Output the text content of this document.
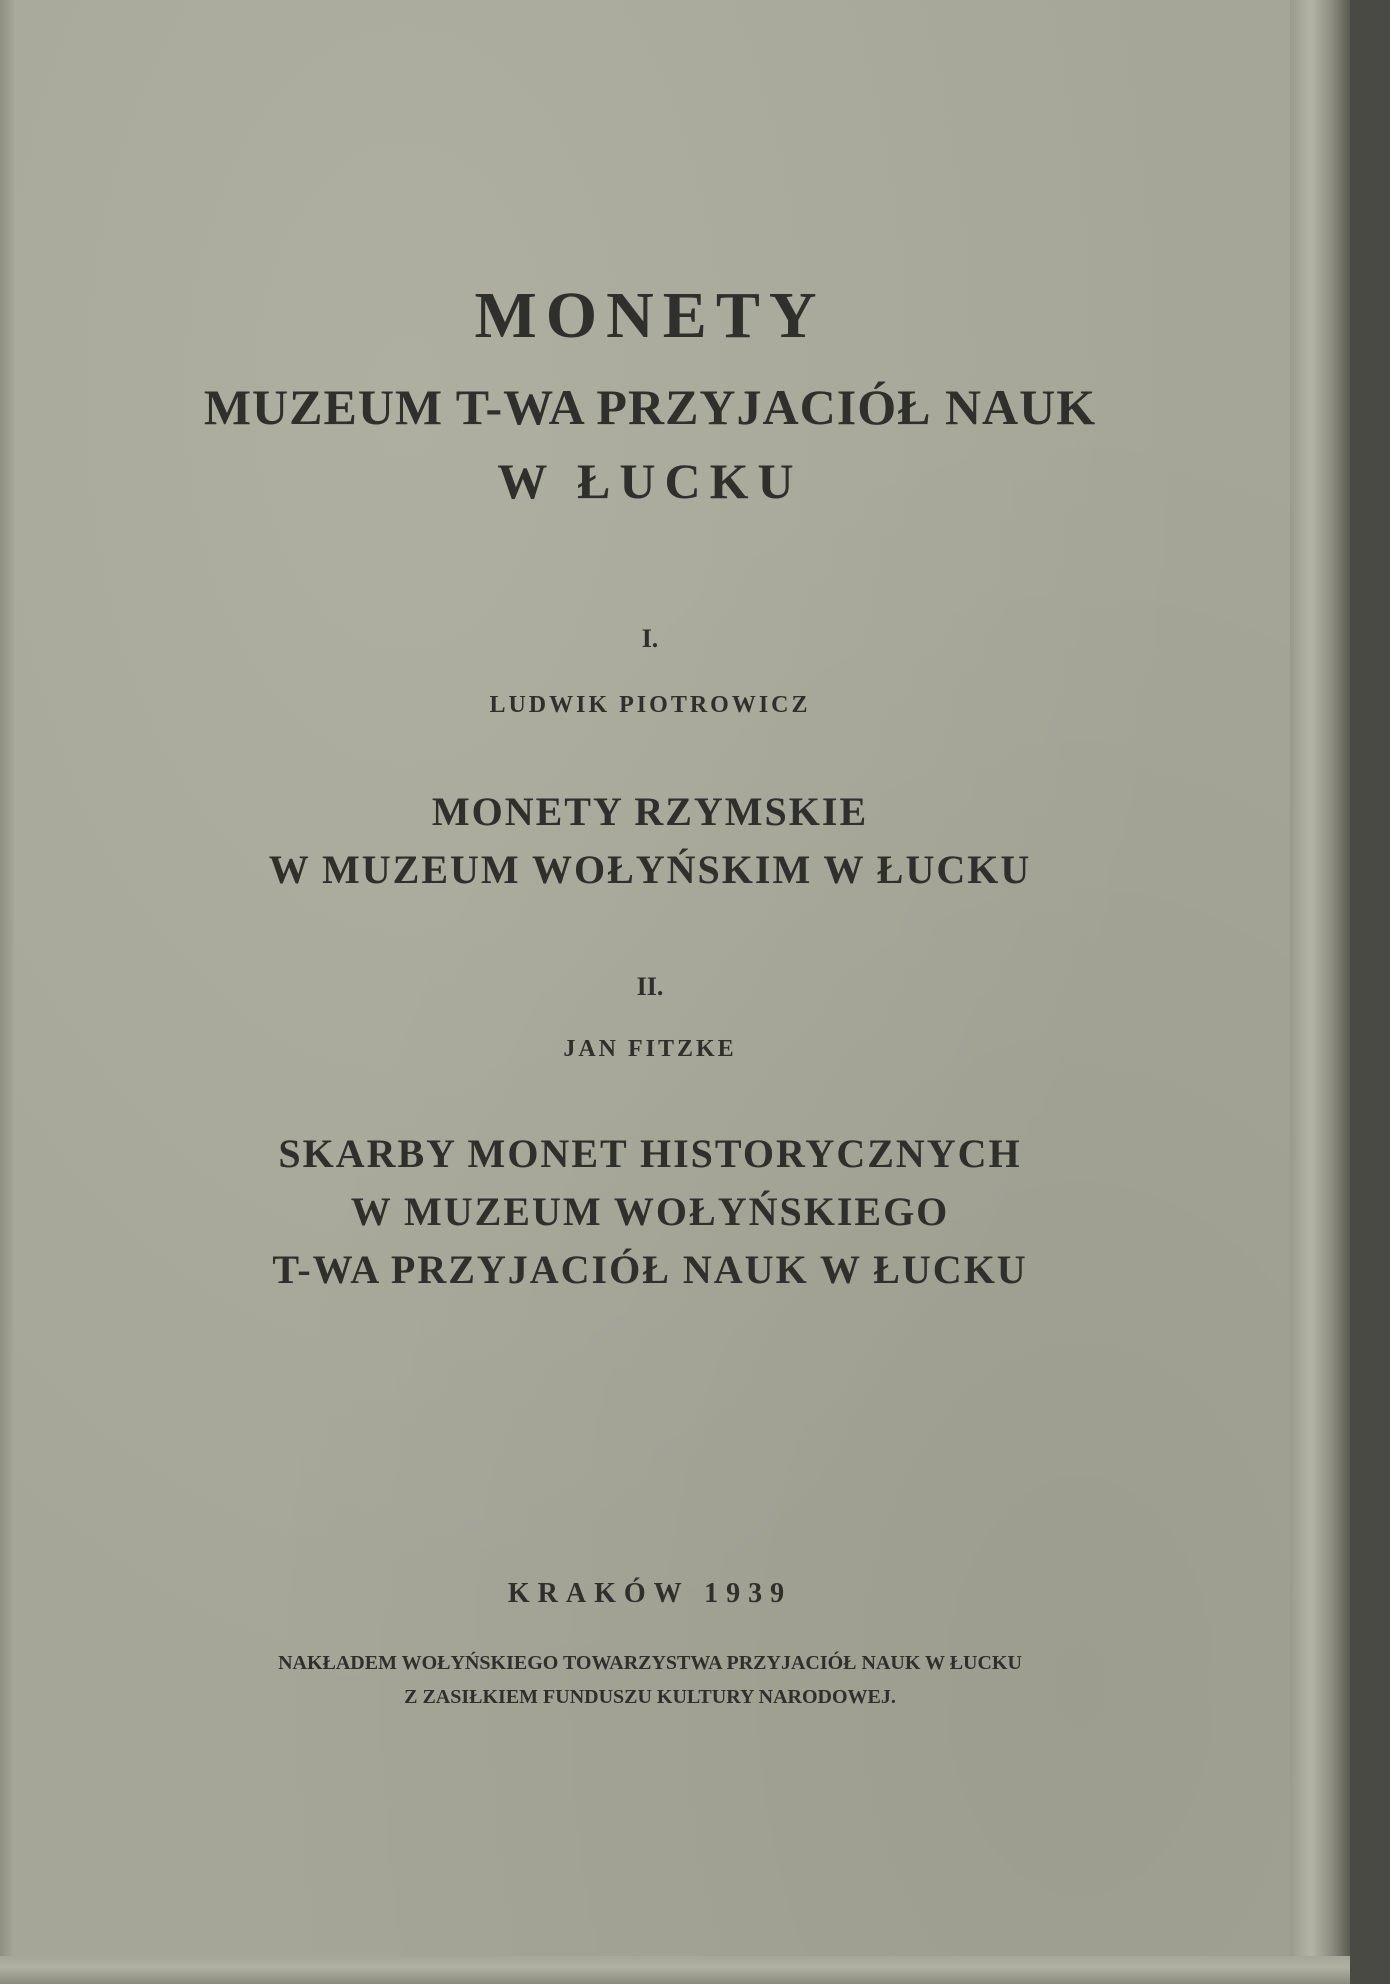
MONETY
MUZEUM T-WA PRZYJACIÓŁ NAUK
W ŁUCKU
I.
LUDWIK PIOTROWICZ
MONETY RZYMSKIE
W MUZEUM WOŁYŃSKIM W ŁUCKU
II.
JAN FITZKE
SKARBY MONET HISTORYCZNYCH
W MUZEUM WOŁYŃSKIEGO
T-WA PRZYJACIÓŁ NAUK W ŁUCKU
KRAKÓW 1939
NAKŁADEM WOŁYŃSKIEGO TOWARZYSTWA PRZYJACIÓŁ NAUK W ŁUCKU
Z ZASIŁKIEM FUNDUSZU KULTURY NARODOWEJ.
